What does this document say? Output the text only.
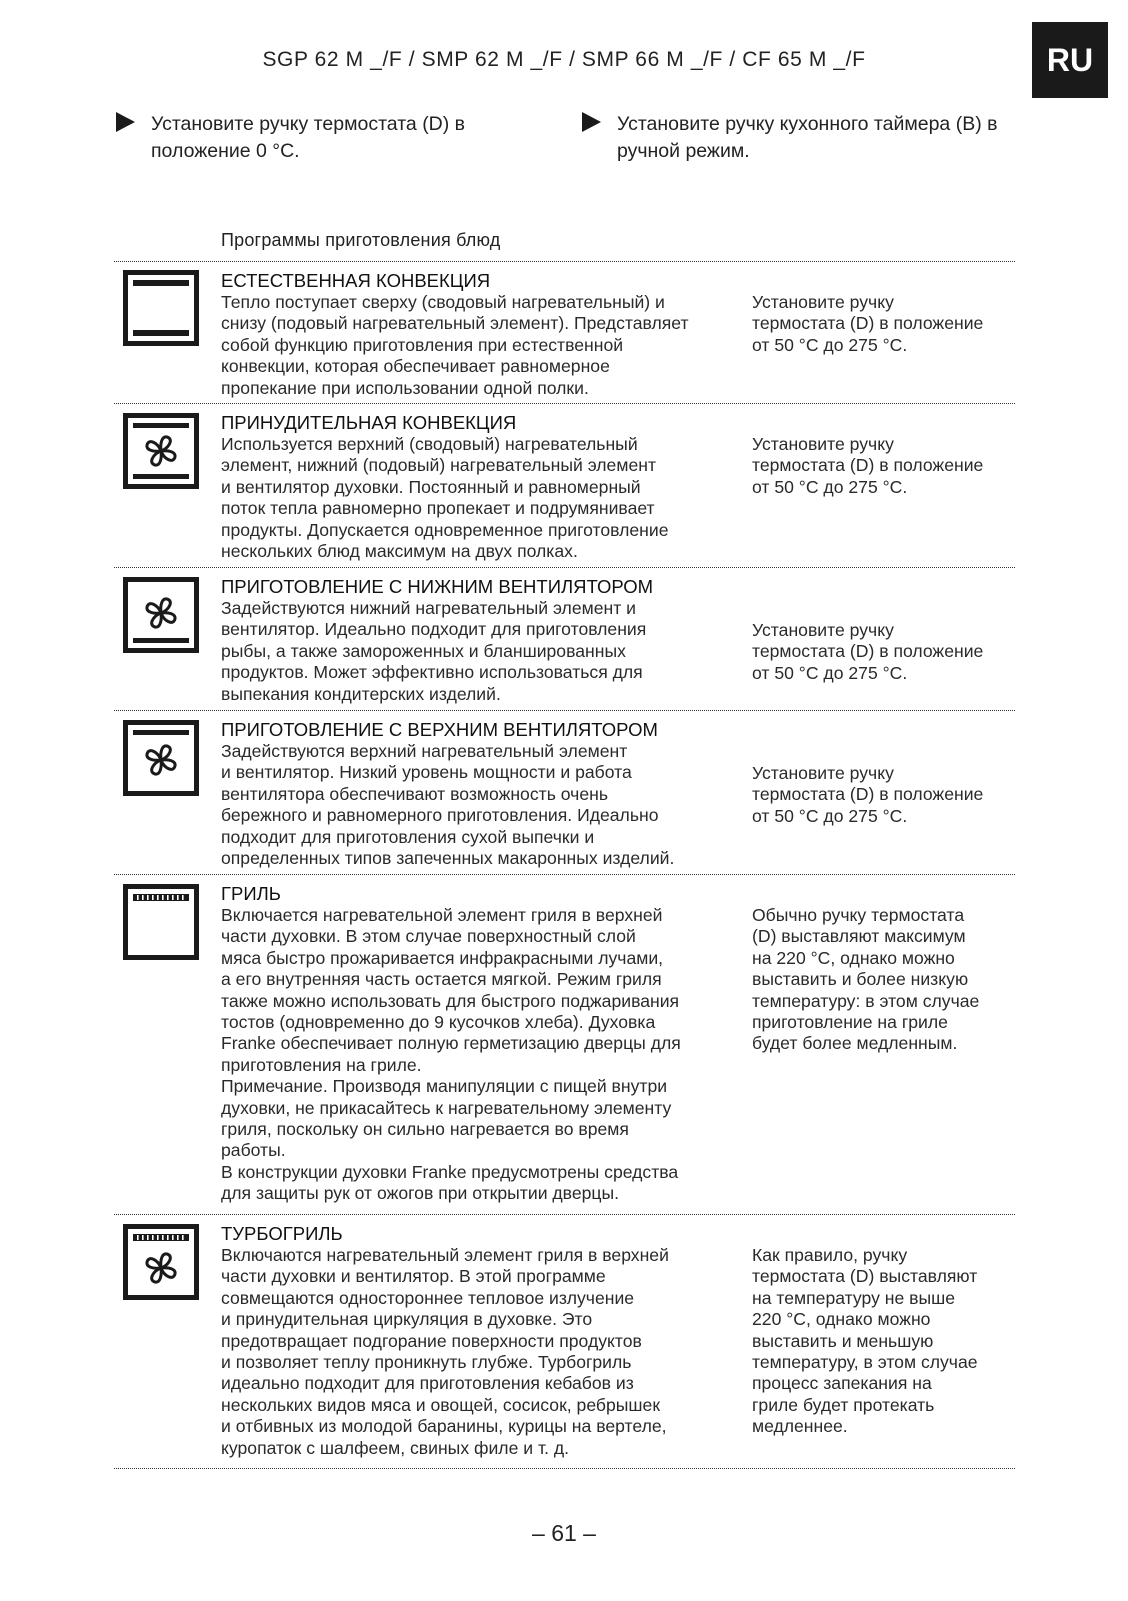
SGP 62 M _/F / SMP 62 M _/F / SMP 66 M _/F / CF 65 M _/F	RU
Установите ручку термостата (D) в
положение 0 °C.
Установите ручку кухонного таймера (B) в
ручной режим.
Программы приготовления блюд
ЕСТЕСТВЕННАЯ КОНВЕКЦИЯ
Тепло поступает сверху (сводовый нагревательный) и
снизу (подовый нагревательный элемент). Представляет
собой функцию приготовления при естественной
конвекции, которая обеспечивает равномерное
пропекание при использовании одной полки.
Установите ручку
термостата (D) в положение
от 50 °C до 275 °C.
ПРИНУДИТЕЛЬНАЯ КОНВЕКЦИЯ
Используется верхний (сводовый) нагревательный
элемент, нижний (подовый) нагревательный элемент
и вентилятор духовки. Постоянный и равномерный
поток тепла равномерно пропекает и подрумянивает
продукты. Допускается одновременное приготовление
нескольких блюд максимум на двух полках.
Установите ручку
термостата (D) в положение
от 50 °C до 275 °C.
ПРИГОТОВЛЕНИЕ С НИЖНИМ ВЕНТИЛЯТОРОМ
Задействуются нижний нагревательный элемент и
вентилятор. Идеально подходит для приготовления
рыбы, а также замороженных и бланшированных
продуктов. Может эффективно использоваться для
выпекания кондитерских изделий.
Установите ручку
термостата (D) в положение
от 50 °C до 275 °C.
ПРИГОТОВЛЕНИЕ С ВЕРХНИМ ВЕНТИЛЯТОРОМ
Задействуются верхний нагревательный элемент
и вентилятор. Низкий уровень мощности и работа
вентилятора обеспечивают возможность очень
бережного и равномерного приготовления. Идеально
подходит для приготовления сухой выпечки и
определенных типов запеченных макаронных изделий.
Установите ручку
термостата (D) в положение
от 50 °C до 275 °C.
ГРИЛЬ
Включается нагревательной элемент гриля в верхней
части духовки. В этом случае поверхностный слой
мяса быстро прожаривается инфракрасными лучами,
а его внутренняя часть остается мягкой. Режим гриля
также можно использовать для быстрого поджаривания
тостов (одновременно до 9 кусочков хлеба). Духовка
Franke обеспечивает полную герметизацию дверцы для
приготовления на гриле.
Примечание. Производя манипуляции с пищей внутри
духовки, не прикасайтесь к нагревательному элементу
гриля, поскольку он сильно нагревается во время
работы.
В конструкции духовки Franke предусмотрены средства
для защиты рук от ожогов при открытии дверцы.
Обычно ручку термостата
(D) выставляют максимум
на 220 °C, однако можно
выставить и более низкую
температуру: в этом случае
приготовление на гриле
будет более медленным.
ТУРБОГРИЛЬ
Включаются нагревательный элемент гриля в верхней
части духовки и вентилятор. В этой программе
совмещаются одностороннее тепловое излучение
и принудительная циркуляция в духовке. Это
предотвращает подгорание поверхности продуктов
и позволяет теплу проникнуть глубже. Турбогриль
идеально подходит для приготовления кебабов из
нескольких видов мяса и овощей, сосисок, ребрышек
и отбивных из молодой баранины, курицы на вертеле,
куропаток с шалфеем, свиных филе и т. д.
Как правило, ручку
термостата (D) выставляют
на температуру не выше
220 °C, однако можно
выставить и меньшую
температуру, в этом случае
процесс запекания на
гриле будет протекать
медленнее.
– 61 –
